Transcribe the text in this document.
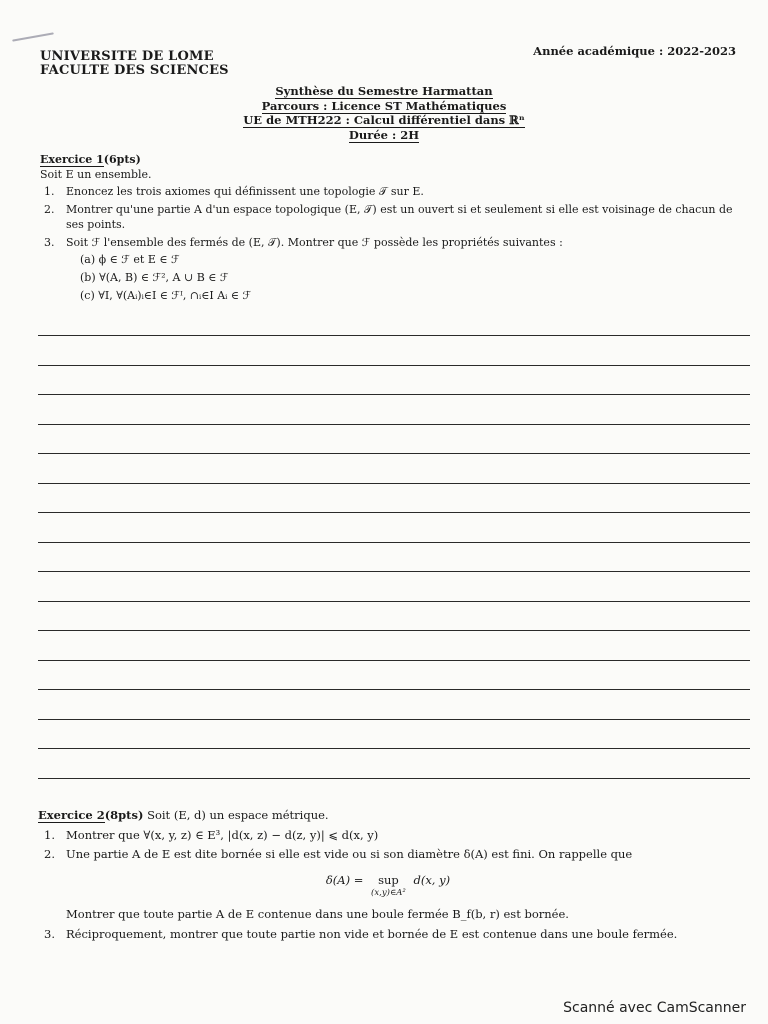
UNIVERSITE DE LOME
FACULTE DES SCIENCES
Année académique : 2022-2023
Synthèse du Semestre Harmattan
Parcours : Licence ST Mathématiques
UE de MTH222 : Calcul différentiel dans ℝⁿ
Durée : 2H
Exercice 1(6pts)
Soit E un ensemble.
1. Enoncez les trois axiomes qui définissent une topologie 𝒯 sur E.
2. Montrer qu'une partie A d'un espace topologique (E, 𝒯) est un ouvert si et seulement si elle est voisinage de chacun de ses points.
3. Soit ℱ l'ensemble des fermés de (E, 𝒯). Montrer que ℱ possède les propriétés suivantes :
(a) ϕ ∈ ℱ et E ∈ ℱ
(b) ∀(A, B) ∈ ℱ², A ∪ B ∈ ℱ
(c) ∀I, ∀(Aᵢ)ᵢ∈I ∈ ℱᴵ, ∩ᵢ∈I Aᵢ ∈ ℱ
Exercice 2(8pts) Soit (E, d) un espace métrique.
1. Montrer que ∀(x, y, z) ∈ E³, |d(x, z) − d(z, y)| ⩽ d(x, y)
2. Une partie A de E est dite bornée si elle est vide ou si son diamètre δ(A) est fini. On rappelle que
δ(A) = sup
(x,y)∈A²
d(x, y)
Montrer que toute partie A de E contenue dans une boule fermée B_f(b, r) est bornée.
3. Réciproquement, montrer que toute partie non vide et bornée de E est contenue dans une boule fermée.
Scanné avec CamScanner
